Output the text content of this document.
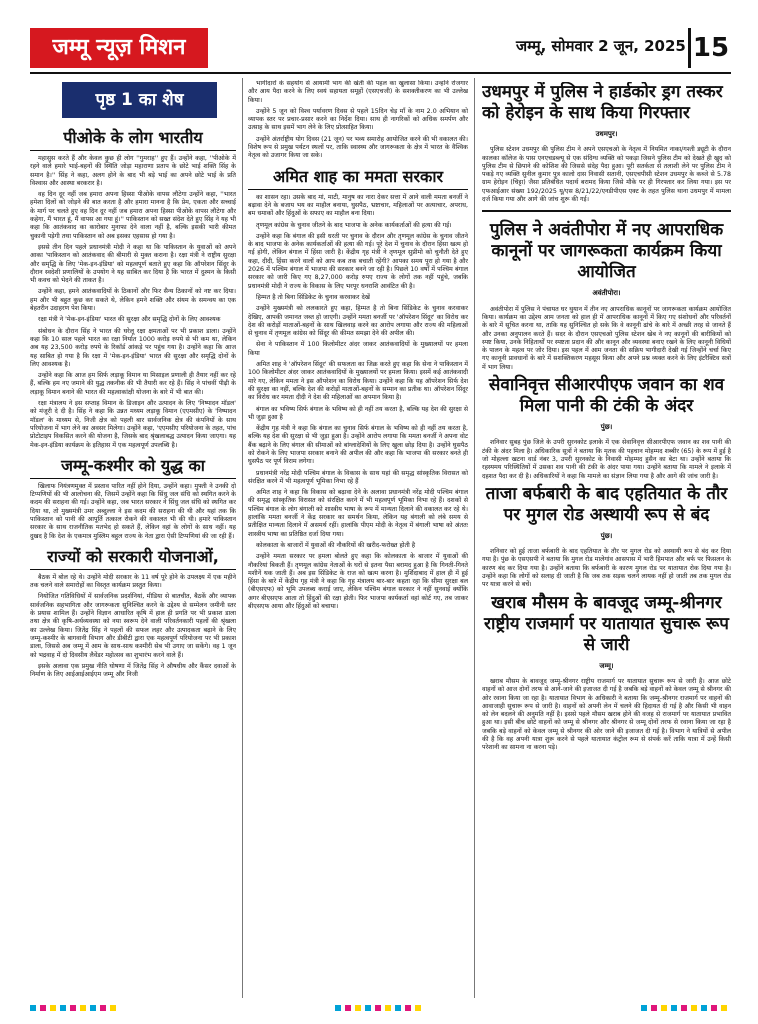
जम्मू न्यूज़ मिशन	जम्मू, सोमवार 2 जून, 2025 15
पृष्ठ 1 का शेष
पीओके के लोग भारतीय

महासुस करते हैं और केवल कुछ ही लोग ''गुमराह'' हुए हैं। उन्होंने कहा, ''पीओके में रहने वाले हमारे भाई-बहनों की स्थिति जोड़ा महाराणा प्रताप के छोटे भाई शक्ति सिंह के समान है।'' सिंह ने कहा, अलग होने के बाद भी बड़े भाई का अपने छोटे भाई के प्रति विश्वास और आस्था बरकरार है।

वह दिन दूर नहीं जब हमारा अपना हिस्सा पीओके वापस लौटेगा उन्होंने कहा, ''भारत हमेशा दिलों को जोड़ने की बात करता है और हमारा मानना है कि प्रेम, एकता और सच्चाई के मार्ग पर चलते हुए वह दिन दूर नहीं जब हमारा अपना हिस्सा पीओके वापस लौटेगा और कहेगा, मैं भारत हूं, मैं वापस आ गया हूं।'' पाकिस्तान को सख्त संदेश देते हुए सिंह ने यह भी कहा कि आतंकवाद का कारोबार मुनाफा देने वाला नहीं है, बल्कि इसकी भारी कीमत चुकानी पड़ेगी तथा पाकिस्तान को अब इसका एहसास हो गया है।

इससे तीन दिन पहले प्रधानमंत्री मोदी ने कहा था कि पाकिस्तान के युवाओं को अपने आका 'पाकिस्तान को आतंकवाद की बीमारी से मुक्त कराना है। रक्षा मंत्री ने राष्ट्रीय सुरक्षा और समृद्धि के लिए 'मेक-इन-इंडिया' को महत्वपूर्ण बताते हुए कहा कि ऑपरेशन सिंदूर के दौरान स्वदेशी प्रणालियों के उपयोग ने यह साबित कर दिया है कि भारत में दुश्मन के किसी भी कवच को भेदने की ताकत है।

उन्होंने कहा, हमने आतंकवादियों के ठिकानों और फिर सैन्य ठिकानों को नष्ट कर दिया। हम और भी बहुत कुछ कर सकते थे, लेकिन हमने शक्ति और संयम के समन्वय का एक बेहतरीन उदाहरण पेश किया।

रक्षा मंत्री ने 'मेक-इन-इंडिया' भारत की सुरक्षा और समृद्धि दोनों के लिए आवश्यक

संबोधन के दौरान सिंह ने भारत की घरेलू रक्षा क्षमताओं पर भी प्रकाश डाला। उन्होंने कहा कि 10 साल पहले भारत का रक्षा निर्यात 1000 करोड़ रुपये से भी कम था, लेकिन अब यह 23,500 करोड़ रुपये के रिकॉर्ड आंकड़े पर पहुंच गया है। उन्होंने कहा कि आज यह साबित हो गया है कि रक्षा में 'मेक-इन-इंडिया' भारत की सुरक्षा और समृद्धि दोनों के लिए आवश्यक है।

उन्होंने कहा कि आज हम सिर्फ लड़ाकू विमान या मिसाइल प्रणाली ही तैयार नहीं कर रहे हैं, बल्कि हम नए जमाने की युद्ध तकनीक की भी तैयारी कर रहे हैं। सिंह ने पांचवीं पीढ़ी के लड़ाकू विमान बनाने की भारत की महत्वाकांक्षी योजना के बारे में भी बात की।

रक्षा मंत्रालय ने इस सप्ताह विमान के डिजाइन और उत्पादन के लिए 'निष्पादन मॉडल' को मंजूरी दे दी है। सिंह ने कहा कि उन्नत मध्यम लड़ाकू विमान (एएमसीए) के 'निष्पादन मॉडल' के माध्यम से, निजी क्षेत्र को पहली बार सार्वजनिक क्षेत्र की कंपनियों के साथ परियोजना में भाग लेने का अवसर मिलेगा। उन्होंने कहा, 'एएमसीए परियोजना के तहत, पांच प्रोटोटाइप विकसित करने की योजना है, जिसके बाद श्रृंखलाबद्ध उत्पादन किया जाएगा। यह मेक-इन-इंडिया कार्यक्रम के इतिहास में एक महत्वपूर्ण उपलब्धि है।

जम्मू-कश्मीर को युद्ध का

खिलाफ नियंत्रणमुक्त में प्रस्ताव पारित नहीं होने दिया, उन्होंने कहा। मुफ्ती ने उनकी दो टिप्पणियों की भी आलोचना की, जिसमें उन्होंने कहा कि सिंधु जल संधि को स्थगित करने के कदम की सराहना की गई। उन्होंने कहा, जब भारत सरकार ने सिंधु जल संधि को स्थगित कर दिया था, तो मुख्यमंत्री उमर अब्दुल्ला ने इस कदम की सराहना की थी और यहां तक कि पाकिस्तान को पानी की आपूर्ति तत्काल रोकने की वकालत भी की थी। हमारे पाकिस्तान सरकार के साथ राजनीतिक मतभेद हो सकते हैं, लेकिन वहां के लोगों के साथ नहीं। यह दुखद है कि देश के एकमात्र मुस्लिम बहुल राज्य के नेता द्वारा ऐसी टिप्पणियां की जा रही हैं।

राज्यों को सरकारी योजनाओं,

बैठक में बोल रहे थे। उन्होंने मोदी सरकार के 11 वर्ष पूरे होने के उपलक्ष्य में एक महीने तक चलने वाले समारोहों का विस्तृत कार्यक्रम प्रस्तुत किया।

नियोजित गतिविधियों में सार्वजनिक प्रदर्शनियां, मीडिया से बातचीत, बैठकें और व्यापक सार्वजनिक सहभागिता और जागरूकता सुनिश्चित करने के उद्देश्य से सम्मेलन जमीनी स्तर के प्रयास शामिल हैं। उन्होंने विज्ञान आधारित कृषि में हाल ही प्रगति पर भी प्रकाश डाला तथा क्षेत्र की कृषि-अर्थव्यवस्था को नया स्वरूप देने वाली परिवर्तनकारी पहलों की श्रृंखला का उल्लेख किया। जितेंद्र सिंह ने पहलों की सफल लहर और उत्पादकता बढ़ाने के लिए जम्मू-कश्मीर के बागवानी विभाग और डीबीटी द्वारा एक महत्वपूर्ण परियोजना पर भी प्रकाश डाला, जिससे अब जम्मू में आम के साथ-साथ कश्मीरी सेब भी उगाए जा सकेंगे। वह 1 जून को भद्रवाह में दो दिवसीय लैवेंडर महोत्सव का शुभारंभ करने वाले हैं।

इसके अलावा एक प्रमुख नीति घोषणा में जितेंद्र सिंह ने औषधीय और कैंसर दवाओं के निर्माण के लिए आईआईआईएम जम्मू और निजी

भागीदारों के सहयोग से आयामी भाग की खेती की पहल का खुलासा किया। उन्होंने रोजगार और आय पैदा करने के लिए स्वयं सहायता समूहों (एसएचजी) के सशक्तीकरण का भी उल्लेख किया।

उन्होंने 5 जून को विश्व पर्यावरण दिवस से पहले 15दिन चेड़ माँ के नाम 2.0 अभियान को व्यापक स्तर पर प्रचार-प्रसार करने का निर्देश दिया। साथ ही नागरिकों को अधिक समर्पण और उत्साह के साथ इसमें भाग लेने के लिए प्रोत्साहित किया।

उन्होंने अंतर्राष्ट्रीय योग दिवस (21 जून) पर भव्य समारोह आयोजित करने की भी वकालत की। विशेष रूप से प्रमुख पर्यटन स्थलों पर, ताकि स्वास्थ्य और जागरूकता के क्षेत्र में भारत के वैश्विक नेतृत्व को उजागर किया जा सके।

अमित शाह का ममता सरकार

का शासन रहा। उसके बाद मां, माटी, मानुष का नारा देकर सत्ता में आने वाली ममता बनर्जी ने बढ़ावा देने के बजाय भय का माहौल बनाया, घुसपैठ, भ्रष्टाचार, महिलाओं पर अत्याचार, अपराध, बम धमाकों और हिंदुओं के सफाए का माहौल बना दिया।

तृणमूल कांग्रेस के चुनाव जीतने के बाद भाजपा के अनेक कार्यकर्ताओं की हत्या की गई।

उन्होंने कहा कि बंगाल की इसी धरती पर चुनाव के दौरान और तृणमूल कांग्रेस के चुनाव जीतने के बाद भाजपा के अनेक कार्यकर्ताओं की हत्या की गई। पूरे देश में चुनाव के दौरान हिंसा खत्म हो गई होगी, लेकिन बंगाल में हिंसा जारी है। केंद्रीय गृह मंत्री ने तृणमूल सुप्रीमो को चुनौती देते हुए कहा, दीदी, हिंसा करने वालों को आप कब तक बचाती रहेंगी? आपका समय पूरा हो गया है और 2026 में पश्चिम बंगाल में भाजपा की सरकार बनने जा रही है। पिछले 10 वर्षों में पश्चिम बंगाल सरकार को जारी किए गए 8,27,000 करोड़ रुपए राज्य के लोगों तक नहीं पहुंचे, जबकि प्रधानमंत्री मोदी ने राज्य के विकास के लिए भरपूर धनराशि आवंटित की है।

हिम्मत है तो बिना सिंडिकेट के चुनाव करवाकर देखें

उन्होंने मुख्यमंत्री को ललकारते हुए कहा, हिम्मत है तो बिना सिंडिकेट के चुनाव करवाकर देखिए, आपकी जमानत जब्त हो जाएगी। उन्होंने ममता बनर्जी पर 'ऑपरेशन सिंदूर' का विरोध कर देश की करोड़ों माताओं-बहनों के साथ खिलवाड़ करने का आरोप लगाया और राज्य की महिलाओं से चुनाव में तृणमूल कांग्रेस को सिंदूर की कीमत समझा देने की अपील की।

सेना ने पाकिस्तान में 100 किलोमीटर अंदर जाकर आतंकवादियों के मुख्यालयों पर हमला किया

अमित शाह ने 'ऑपरेशन सिंदूर' की सफलता का जिक्र करते हुए कहा कि सेना ने पाकिस्तान में 100 किलोमीटर अंदर जाकर आतंकवादियों के मुख्यालयों पर हमला किया। इसमें कई आतंकवादी मारे गए, लेकिन ममता ने इस ऑपरेशन का विरोध किया। उन्होंने कहा कि यह ऑपरेशन सिर्फ देश की सुरक्षा का नहीं, बल्कि देश की करोड़ों माताओं-बहनों के सम्मान का प्रतीक था। ऑपरेशन सिंदूर का विरोध कर ममता दीदी ने देश की महिलाओं का अपमान किया है।

बंगाल का भविष्य सिर्फ बंगाल के भविष्य को ही नहीं तय करता है, बल्कि यह देश की सुरक्षा से भी जुड़ा हुआ है

केंद्रीय गृह मंत्री ने कहा कि बंगाल का चुनाव सिर्फ बंगाल के भविष्य को ही नहीं तय करता है, बल्कि यह देश की सुरक्षा से भी जुड़ा हुआ है। उन्होंने आरोप लगाया कि ममता बनर्जी ने अपना वोट बैंक बढ़ाने के लिए बंगाल की सीमाओं को बांग्लादेशियों के लिए खुला छोड़ दिया है। उन्होंने घुसपैठ को रोकने के लिए भाजपा सरकार बनाने की अपील की और कहा कि भाजपा की सरकार बनते ही घुसपैठ पर पूर्ण विराम लगेगा।

प्रधानमंत्री नरेंद्र मोदी पश्चिम बंगाल के विकास के साथ यहां की समृद्ध सांस्कृतिक विरासत को संरक्षित करने में भी महत्वपूर्ण भूमिका निभा रहे हैं

अमित शाह ने कहा कि विकास को बढ़ावा देने के अलावा प्रधानमंत्री नरेंद्र मोदी पश्चिम बंगाल की समृद्ध सांस्कृतिक विरासत को संरक्षित करने में भी महत्वपूर्ण भूमिका निभा रहे हैं। दशकों से पश्चिम बंगाल के लोग बंगाली को शास्त्रीय भाषा के रूप में मान्यता दिलाने की वकालत कर रहे थे। हालांकि ममता बनर्जी ने केंद्र सरकार का समर्थन किया, लेकिन यह बंगाली को लंबे समय से प्रतीक्षित मान्यता दिलाने में असमर्थ रहीं। हालांकि पीएम मोदी के नेतृत्व में बंगाली भाषा को अंततः शास्त्रीय भाषा का प्रतिष्ठित दर्जा दिया गया।

कोलकाता के बाजारों में युवाओं की नौकरियों की खरीद-फरोख्त होती है

उन्होंने ममता सरकार पर हमला बोलते हुए कहा कि कोलकाता के बाजार में युवाओं की नौकरियां बिकती हैं। तृणमूल कांग्रेस नेताओं के घरों से इतना पैसा बरामद हुआ है कि गिनती-गिनते मशीनें थक जाती हैं। अब इस सिंडिकेट के राज को खत्म करना है। मुर्शिदाबाद में हाल ही में हुई हिंसा के बारे में केंद्रीय गृह मंत्री ने कहा कि गृह मंत्रालय बार-बार कहता रहा कि सीमा सुरक्षा बल (बीएसएफ) को भूमि उपलब्ध कराई जाए, लेकिन पश्चिम बंगाल सरकार ने नहीं सुनवाई क्योंकि अगर बीएसएफ आता तो हिंदुओं की रक्षा होती। फिर भाजपा कार्यकर्ता वहां कोर्ट गए, तब जाकर बीएसएफ आया और हिंदुओं को बचाया।

उधमपुर में पुलिस ने हार्डकोर ड्रग तस्कर को हेरोइन के साथ किया गिरफ्तार
उधमपुर।

पुलिस स्टेशन उधमपुर की पुलिस टीम ने अपने एसएचओ के नेतृत्व में नियमित नाका/गश्ती ड्यूटी के दौरान कालका कॉलेज के पास एनएचडब्ल्यू से एक संदिग्ध व्यक्ति को पकड़ा जिसने पुलिस टीम को देखते ही खुद को पुलिस टीम से छिपाने की कोशिश की जिससे संदेह पैदा हुआ। पूरी सतर्कता से तलाशी लेने पर पुलिस टीम ने पकड़े गए व्यक्ति सुनील कुमार पुत्र कालो दास निवासी सतानी, एसएचपीसी स्टेशन उधमपुर के कब्जे से 5.78 ग्राम हेरोइन (चिट्टा) जैसा प्रतिबंधित पदार्थ बरामद किया जिसे मौके पर ही गिरफ्तार कर लिया गया। इस पर एफआईआर संख्या 192/2025 यू/एस 8/21/22/एनडीपीएस एक्ट के तहत पुलिस थाना उधमपुर में मामला दर्ज किया गया और आगे की जांच शुरू की गई।

पुलिस ने अवंतीपोरा में नए आपराधिक कानूनों पर जागरूकता कार्यक्रम किया आयोजित
अवंतीपोरा।

अवंतीपोरा में पुलिस ने पंचायत घर थुयान में तीन नए आपराधिक कानूनों पर जागरूकता कार्यक्रम आयोजित किया। कार्यक्रम का उद्देश्य आम जनता को हाल ही में आपराधिक कानूनों में किए गए संशोधनों और परिवर्तनों के बारे में सूचित करना था, ताकि यह सुनिश्चित हो सके कि वे कानूनी ढांचे के बारे में अच्छी तरह से जानते हैं और उनका अनुपालन करते हैं। सदर के दौरान एसएचओ पुलिस स्टेशन खेब ने नए कानूनों की बारीकियों को स्पष्ट किया, उनके निहितार्थों पर स्पष्टता प्रदान की और कानून और व्यवस्था बनाए रखने के लिए कानूनी विधियों के पालन के महत्व पर जोर दिया। इस पहल में आम जनता की सक्रिय भागीदारी देखी गई जिन्होंने चर्चा किए गए कानूनी प्रावधानों के बारे में सशक्तिकरण महसूस किया और अपने प्रश्न व्यक्त करने के लिए इंटरैक्टिव सत्रों में भाग लिया।

सेवानिवृत्त सीआरपीएफ जवान का शव मिला पानी की टंकी के अंदर
पुंछ।

शनिवार सुबह पुंछ जिले के उपरी सुरनकोट इलाके में एक सेवानिवृत्त सीआरपीएफ जवान का शव पानी की टंकी के अंदर मिला है। अधिकारिक सूत्रों ने बताया कि मृतक की पहचान मोहम्मद शब्बीर (65) के रूप में हुई है जो मोहल्ला खटना वार्ड नंबर 3, उपरी सुरनकोट के निवासी मोहम्मद हुसैन का बेटा था। उन्होंने बताया कि रहस्यमय परिस्थितियों में उसका शव पानी की टंकी के अंदर पाया गया। उन्होंने बताया कि मामले ने इलाके में दहशत पैदा कर दी है। अधिकारियों ने कहा कि मामले का संज्ञान लिया गया है और आगे की जांच जारी है।

ताजा बर्फबारी के बाद एहतियात के तौर पर मुगल रोड अस्थायी रूप से बंद
पुंछ।

शनिवार को हुई ताजा बर्फबारी के बाद एहतियात के तौर पर मुगल रोड को अस्थायी रूप से बंद कर दिया गया है। पुंछ के एसएसपी ने बताया कि मुगल रोड मालेगांव आसपास में भारी हिमपात और बर्फ पर फिसलन के कारण बंद कर दिया गया है। उन्होंने बताया कि बर्फबारी के कारण मुगल रोड पर यातायात रोक दिया गया है। उन्होंने कहा कि लोगों को सलाह दी जाती है कि जब तक सड़क चलने लायक नहीं हो जाती तब तक मुगल रोड पर यात्रा करने से बचें।

खराब मौसम के बावजूद जम्मू-श्रीनगर राष्ट्रीय राजमार्ग पर यातायात सुचारू रूप से जारी
जम्मू।

खराब मौसम के बावजूद जम्मू-श्रीनगर राष्ट्रीय राजमार्ग पर यातायात सुचारू रूप से जारी है। आज छोटे वाहनों को आज दोनों तरफ से आने-जाने की इजाजत दी गई है जबकि बड़े वाहनों को केवल जम्मू से श्रीनगर की ओर रवाना किया जा रहा है। यातायात विभाग के अधिकारी ने बताया कि जम्मू-श्रीनगर राजमार्ग पर वाहनों की आवाजाही सुचारू रूप से जारी है। वाहनों को अपनी लेन में चलने की हिदायत दी गई है और किसी भी वाहन को लेन बदलने की अनुमति नहीं है। इससे पहले मौसम खराब होने की वजह से राजमार्ग पर यातायात प्रभावित हुआ था। इसी बीच छोटे वाहनों को जम्मू से श्रीनगर और श्रीनगर से जम्मू दोनों तरफ से रवाना किया जा रहा है जबकि बड़े वाहनों को केवल जम्मू से श्रीनगर की ओर जाने की इजाजत दी गई है। विभाग ने यात्रियों से अपील की है कि वह अपनी यात्रा शुरू करने से पहले यातायात कंट्रोल रूम से संपर्क करें ताकि यात्रा में उन्हें किसी परेशानी का सामना ना करना पड़े।
